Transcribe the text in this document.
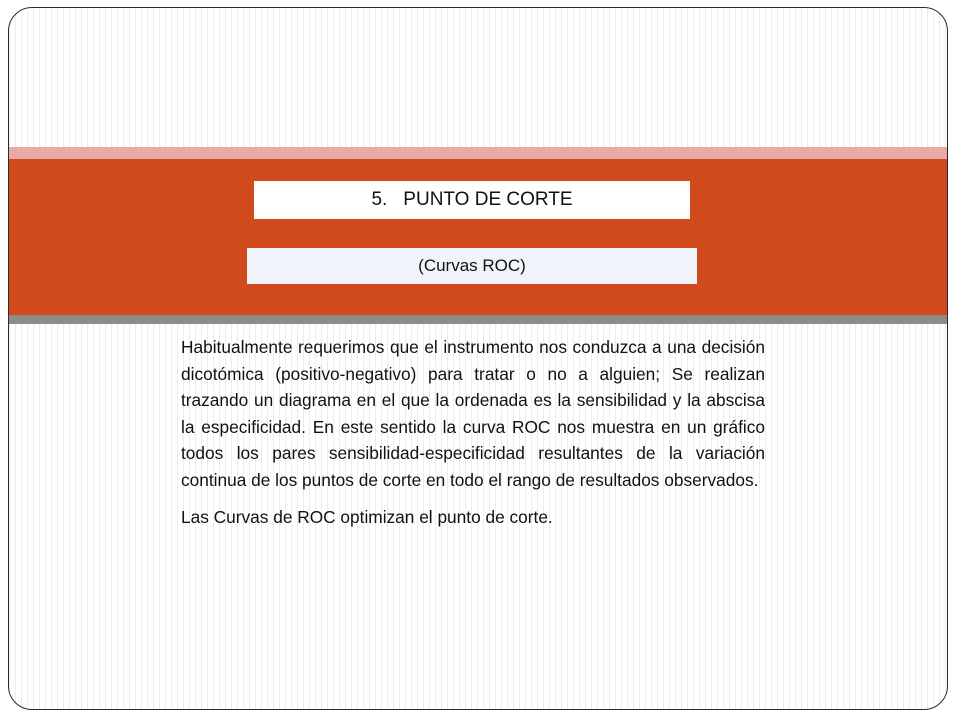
5. PUNTO DE CORTE
(Curvas ROC)

Habitualmente requerimos que el instrumento nos conduzca a una decisión dicotómica (positivo-negativo) para tratar o no a alguien; Se realizan trazando un diagrama en el que la ordenada es la sensibilidad y la abscisa la especificidad. En este sentido la curva ROC nos muestra en un gráfico todos los pares sensibilidad-especificidad resultantes de la variación continua de los puntos de corte en todo el rango de resultados observados.

Las Curvas de ROC optimizan el punto de corte.
